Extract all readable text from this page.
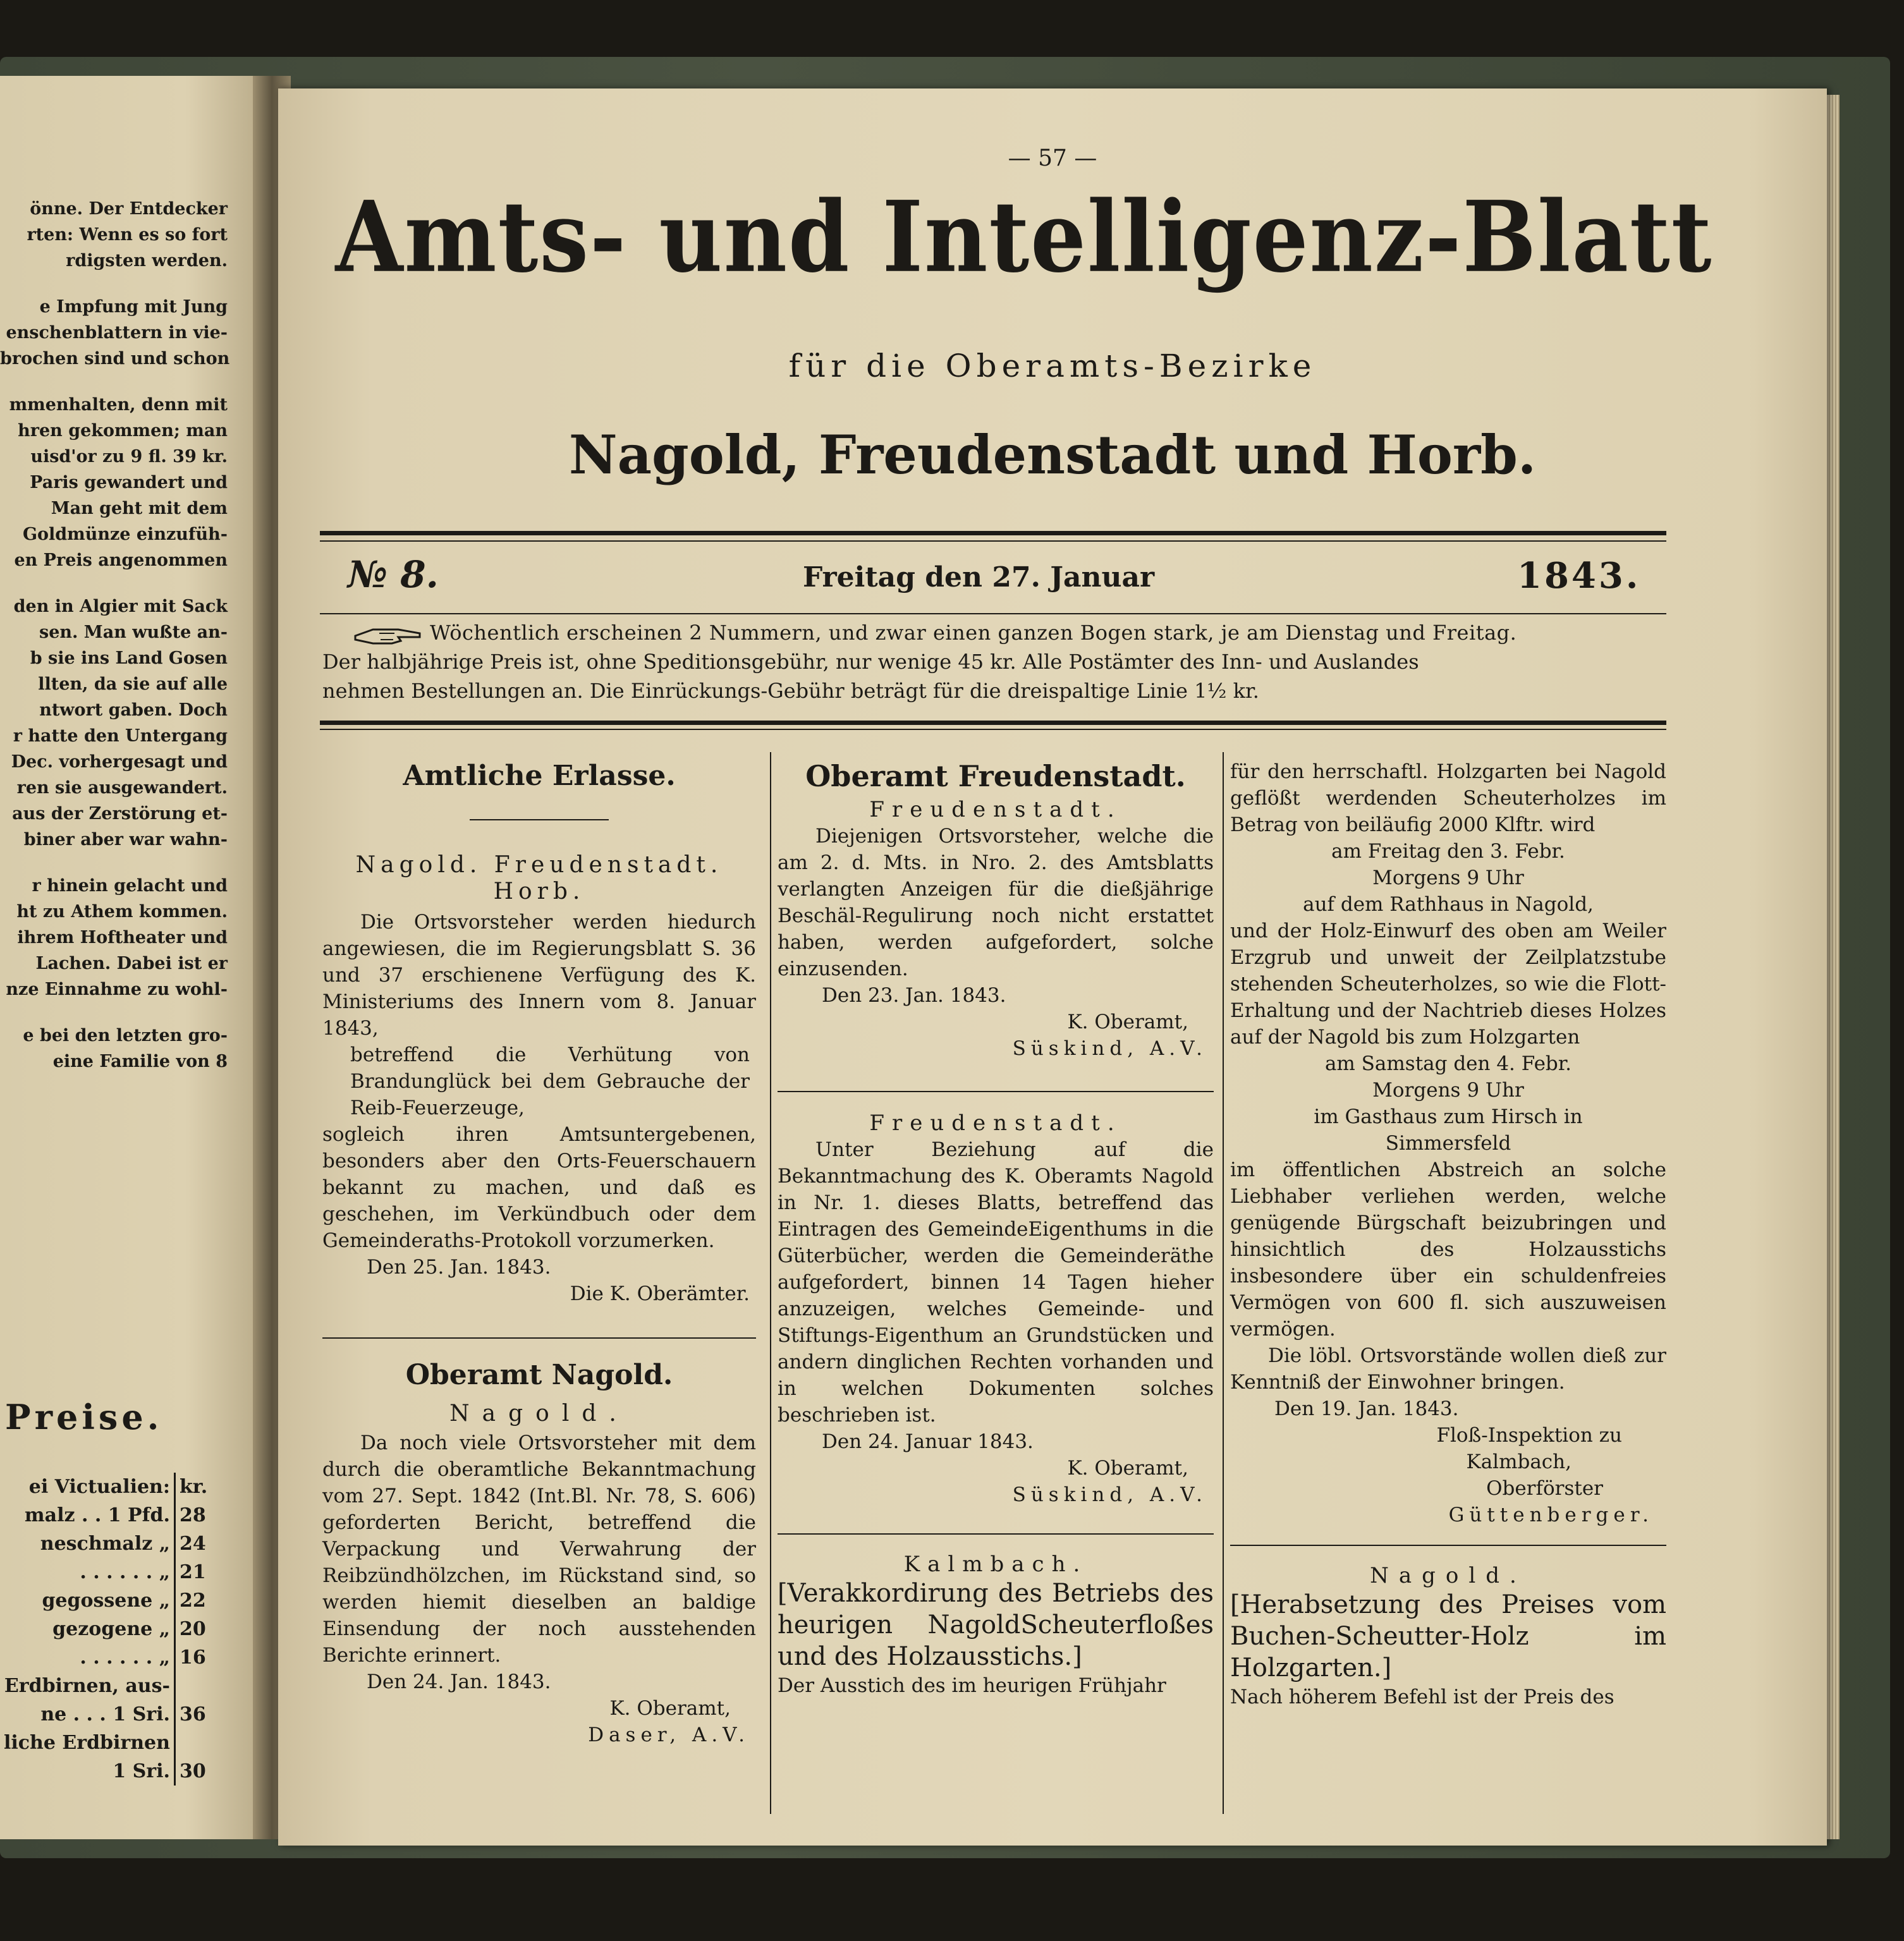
önne. Der Entdecker
rten: Wenn es so fort
rdigsten werden.
e Impfung mit Jung
enschenblattern in vie-
brochen sind und schon
mmenhalten, denn mit
hren gekommen; man
uisd'or zu 9 fl. 39 kr.
Paris gewandert und
Man geht mit dem
Goldmünze einzufüh-
en Preis angenommen
den in Algier mit Sack
sen. Man wußte an-
b sie ins Land Gosen
llten, da sie auf alle
ntwort gaben. Doch
r hatte den Untergang
Dec. vorhergesagt und
ren sie ausgewandert.
aus der Zerstörung et-
biner aber war wahn-
r hinein gelacht und
ht zu Athem kommen.
ihrem Hoftheater und
Lachen. Dabei ist er
nze Einnahme zu wohl-
e bei den letzten gro-
eine Familie von 8
Preise.
ei Victualien:	kr.
malz . . 1 Pfd.	28
neschmalz „	24
. . . . . . „	21
gegossene „	22
gezogene „	20
. . . . . . „	16
Erdbirnen, aus-	
ne . . . 1 Sri.	36
liche Erdbirnen	
1 Sri.	30
— 57 —
Amts- und Intelligenz-Blatt
für die Oberamts-Bezirke
Nagold, Freudenstadt und Horb.
№ 8.	Freitag den 27. Januar	1843.
Wöchentlich erscheinen 2 Nummern, und zwar einen ganzen Bogen stark, je am Dienstag und Freitag.
Der halbjährige Preis ist, ohne Speditionsgebühr, nur wenige 45 kr. Alle Postämter des Inn- und Auslandes
nehmen Bestellungen an. Die Einrückungs-Gebühr beträgt für die dreispaltige Linie 1½ kr.

Amtliche Erlasse.

Nagold. Freudenstadt. Horb.

Die Ortsvorsteher werden hiedurch angewiesen, die im Regierungsblatt S. 36 und 37 erschienene Verfügung des K. Ministeriums des Innern vom 8. Januar 1843,

betreffend die Verhütung von Brandunglück bei dem Gebrauche der Reib-Feuerzeuge,

sogleich ihren Amtsuntergebenen, besonders aber den Orts-Feuerschauern bekannt zu machen, und daß es geschehen, im Verkündbuch oder dem Gemeinderaths-Protokoll vorzumerken.

Den 25. Jan. 1843.

Die K. Oberämter.

Oberamt Nagold.

Nagold.

Da noch viele Ortsvorsteher mit dem durch die oberamtliche Bekanntmachung vom 27. Sept. 1842 (Int.Bl. Nr. 78, S. 606) geforderten Bericht, betreffend die Verpackung und Verwahrung der Reibzündhölzchen, im Rückstand sind, so werden hiemit dieselben an baldige Einsendung der noch ausstehenden Berichte erinnert.

Den 24. Jan. 1843.

K. Oberamt,

Daser, A.V.

Oberamt Freudenstadt.

Freudenstadt.

Diejenigen Ortsvorsteher, welche die am 2. d. Mts. in Nro. 2. des Amtsblatts verlangten Anzeigen für die dießjährige Beschäl-Regulirung noch nicht erstattet haben, werden aufgefordert, solche einzusenden.

Den 23. Jan. 1843.

K. Oberamt,

Süskind, A.V.

Freudenstadt.

Unter Beziehung auf die Bekanntmachung des K. Oberamts Nagold in Nr. 1. dieses Blatts, betreffend das Eintragen des GemeindeEigenthums in die Güterbücher, werden die Gemeinderäthe aufgefordert, binnen 14 Tagen hieher anzuzeigen, welches Gemeinde- und Stiftungs-Eigenthum an Grundstücken und andern dinglichen Rechten vorhanden und in welchen Dokumenten solches beschrieben ist.

Den 24. Januar 1843.

K. Oberamt,

Süskind, A.V.

Kalmbach.

[Verakkordirung des Betriebs des heurigen NagoldScheuterfloßes und des Holzausstichs.]

Der Ausstich des im heurigen Frühjahr

für den herrschaftl. Holzgarten bei Nagold geflößt werdenden Scheuterholzes im Betrag von beiläufig 2000 Klftr. wird

am Freitag den 3. Febr.

Morgens 9 Uhr

auf dem Rathhaus in Nagold,

und der Holz-Einwurf des oben am Weiler Erzgrub und unweit der Zeilplatzstube stehenden Scheuterholzes, so wie die Flott-Erhaltung und der Nachtrieb dieses Holzes auf der Nagold bis zum Holzgarten

am Samstag den 4. Febr.

Morgens 9 Uhr

im Gasthaus zum Hirsch in Simmersfeld

im öffentlichen Abstreich an solche Liebhaber verliehen werden, welche genügende Bürgschaft beizubringen und hinsichtlich des Holzausstichs insbesondere über ein schuldenfreies Vermögen von 600 fl. sich auszuweisen vermögen.

Die löbl. Ortsvorstände wollen dieß zur Kenntniß der Einwohner bringen.

Den 19. Jan. 1843.

Floß-Inspektion zu

Kalmbach,

Oberförster

Güttenberger.

Nagold.

[Herabsetzung des Preises vom Buchen-Scheutter-Holz im Holzgarten.]

Nach höherem Befehl ist der Preis des
